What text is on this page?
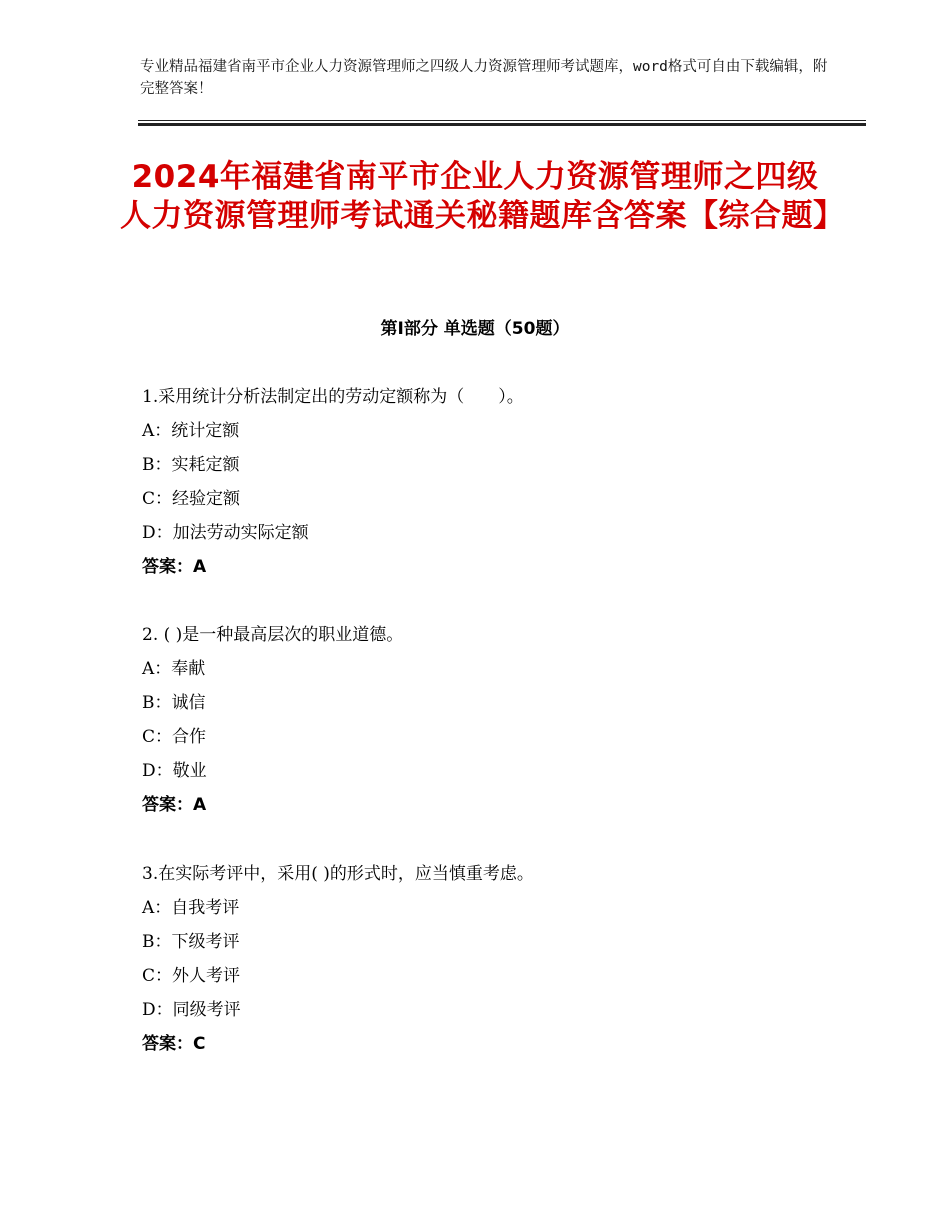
专业精品福建省南平市企业人力资源管理师之四级人力资源管理师考试题库，word格式可自由下载编辑，附完整答案！
2024年福建省南平市企业人力资源管理师之四级人力资源管理师考试通关秘籍题库含答案【综合题】
第Ⅰ部分 单选题（50题）
1.采用统计分析法制定出的劳动定额称为（　　）。
A：统计定额
B：实耗定额
C：经验定额
D：加法劳动实际定额
答案：A
2. ( )是一种最高层次的职业道德。
A：奉献
B：诚信
C：合作
D：敬业
答案：A
3.在实际考评中，采用( )的形式时，应当慎重考虑。
A：自我考评
B：下级考评
C：外人考评
D：同级考评
答案：C
